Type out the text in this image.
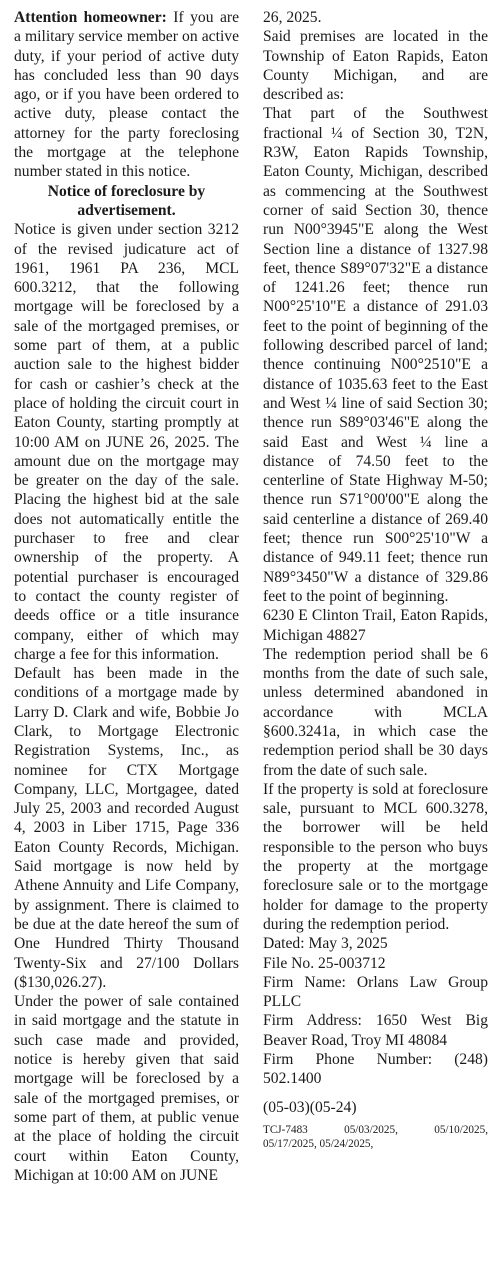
Attention homeowner: If you are a military service member on active duty, if your period of active duty has concluded less than 90 days ago, or if you have been ordered to active duty, please contact the attorney for the party foreclosing the mortgage at the telephone number stated in this notice.

Notice of foreclosure by advertisement.

Notice is given under section 3212 of the revised judicature act of 1961, 1961 PA 236, MCL 600.3212, that the following mortgage will be foreclosed by a sale of the mortgaged premises, or some part of them, at a public auction sale to the highest bidder for cash or cashier’s check at the place of holding the circuit court in Eaton County, starting promptly at 10:00 AM on JUNE 26, 2025. The amount due on the mortgage may be greater on the day of the sale. Placing the highest bid at the sale does not automatically entitle the purchaser to free and clear ownership of the property. A potential purchaser is encouraged to contact the county register of deeds office or a title insurance company, either of which may charge a fee for this information.

Default has been made in the conditions of a mortgage made by Larry D. Clark and wife, Bobbie Jo Clark, to Mortgage Electronic Registration Systems, Inc., as nominee for CTX Mortgage Company, LLC, Mortgagee, dated July 25, 2003 and recorded August 4, 2003 in Liber 1715, Page 336 Eaton County Records, Michigan. Said mortgage is now held by Athene Annuity and Life Company, by assignment. There is claimed to be due at the date hereof the sum of One Hundred Thirty Thousand Twenty-Six and 27/100 Dollars ($130,026.27).

Under the power of sale contained in said mortgage and the statute in such case made and provided, notice is hereby given that said mortgage will be foreclosed by a sale of the mortgaged premises, or some part of them, at public venue at the place of holding the circuit court within Eaton County, Michigan at 10:00 AM on JUNE

26, 2025.

Said premises are located in the Township of Eaton Rapids, Eaton County Michigan, and are described as:

That part of the Southwest fractional ¼ of Section 30, T2N, R3W, Eaton Rapids Township, Eaton County, Michigan, described as commencing at the Southwest corner of said Section 30, thence run N00°3945"E along the West Section line a distance of 1327.98 feet, thence S89°07'32"E a distance of 1241.26 feet; thence run N00°25'10"E a distance of 291.03 feet to the point of beginning of the following described parcel of land; thence continuing N00°2510"E a distance of 1035.63 feet to the East and West ¼ line of said Section 30; thence run S89°03'46"E along the said East and West ¼ line a distance of 74.50 feet to the centerline of State Highway M-50; thence run S71°00'00"E along the said centerline a distance of 269.40 feet; thence run S00°25'10"W a distance of 949.11 feet; thence run N89°3450"W a distance of 329.86 feet to the point of beginning.

6230 E Clinton Trail, Eaton Rapids, Michigan 48827

The redemption period shall be 6 months from the date of such sale, unless determined abandoned in accordance with MCLA §600.3241a, in which case the redemption period shall be 30 days from the date of such sale.

If the property is sold at foreclosure sale, pursuant to MCL 600.3278, the borrower will be held responsible to the person who buys the property at the mortgage foreclosure sale or to the mortgage holder for damage to the property during the redemption period.

Dated: May 3, 2025

File No. 25-003712

Firm Name: Orlans Law Group PLLC

Firm Address: 1650 West Big Beaver Road, Troy MI 48084

Firm Phone Number: (248) 502.1400

(05-03)(05-24)

TCJ-7483	05/03/2025,	05/10/2025,
05/17/2025, 05/24/2025,
